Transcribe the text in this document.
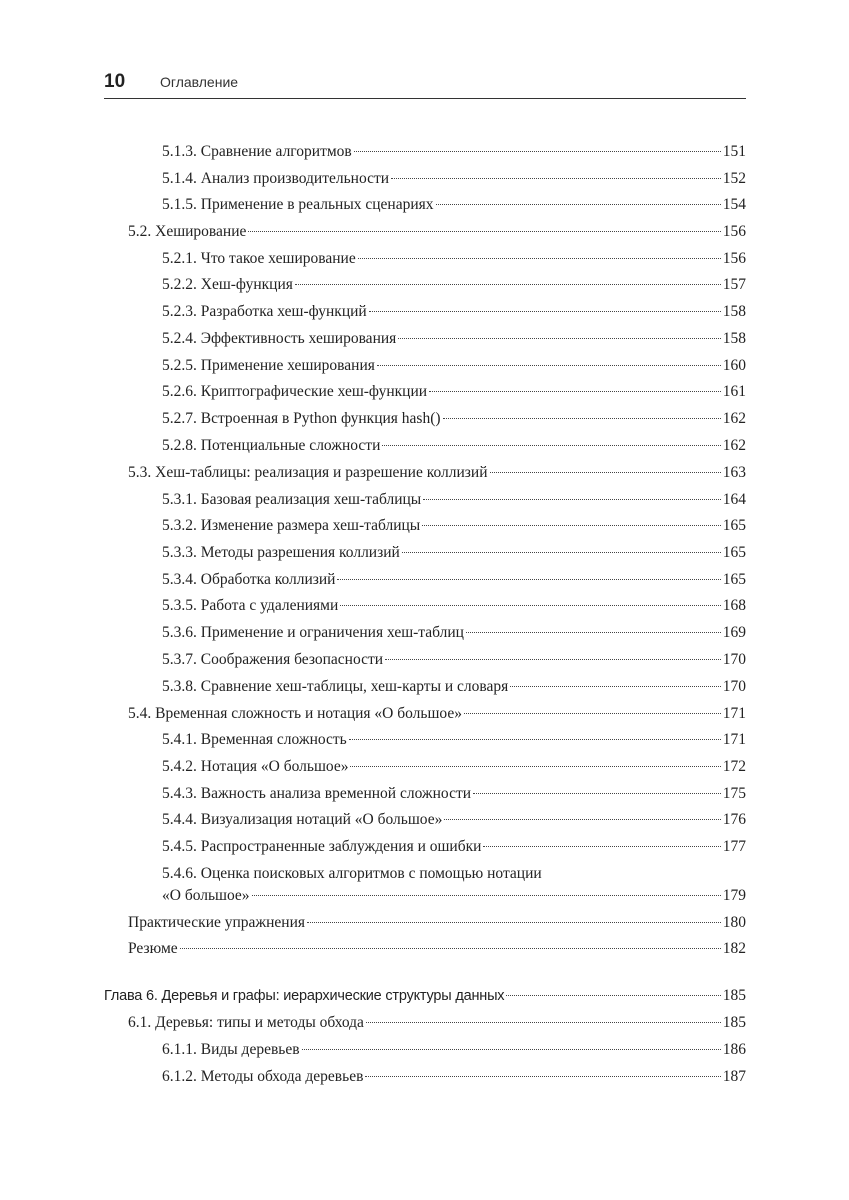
10 Оглавление
5.1.3. Сравнение алгоритмов	151
5.1.4. Анализ производительности	152
5.1.5. Применение в реальных сценариях	154
5.2. Хеширование	156
5.2.1. Что такое хеширование	156
5.2.2. Хеш-функция	157
5.2.3. Разработка хеш-функций	158
5.2.4. Эффективность хеширования	158
5.2.5. Применение хеширования	160
5.2.6. Криптографические хеш-функции	161
5.2.7. Встроенная в Python функция hash()	162
5.2.8. Потенциальные сложности	162
5.3. Хеш-таблицы: реализация и разрешение коллизий	163
5.3.1. Базовая реализация хеш-таблицы	164
5.3.2. Изменение размера хеш-таблицы	165
5.3.3. Методы разрешения коллизий	165
5.3.4. Обработка коллизий	165
5.3.5. Работа с удалениями	168
5.3.6. Применение и ограничения хеш-таблиц	169
5.3.7. Соображения безопасности	170
5.3.8. Сравнение хеш-таблицы, хеш-карты и словаря	170
5.4. Временная сложность и нотация «О большое»	171
5.4.1. Временная сложность	171
5.4.2. Нотация «О большое»	172
5.4.3. Важность анализа временной сложности	175
5.4.4. Визуализация нотаций «О большое»	176
5.4.5. Распространенные заблуждения и ошибки	177
5.4.6. Оценка поисковых алгоритмов с помощью нотации
«О большое»	179
Практические упражнения	180
Резюме	182
Глава 6. Деревья и графы: иерархические структуры данных	185
6.1. Деревья: типы и методы обхода	185
6.1.1. Виды деревьев	186
6.1.2. Методы обхода деревьев	187
